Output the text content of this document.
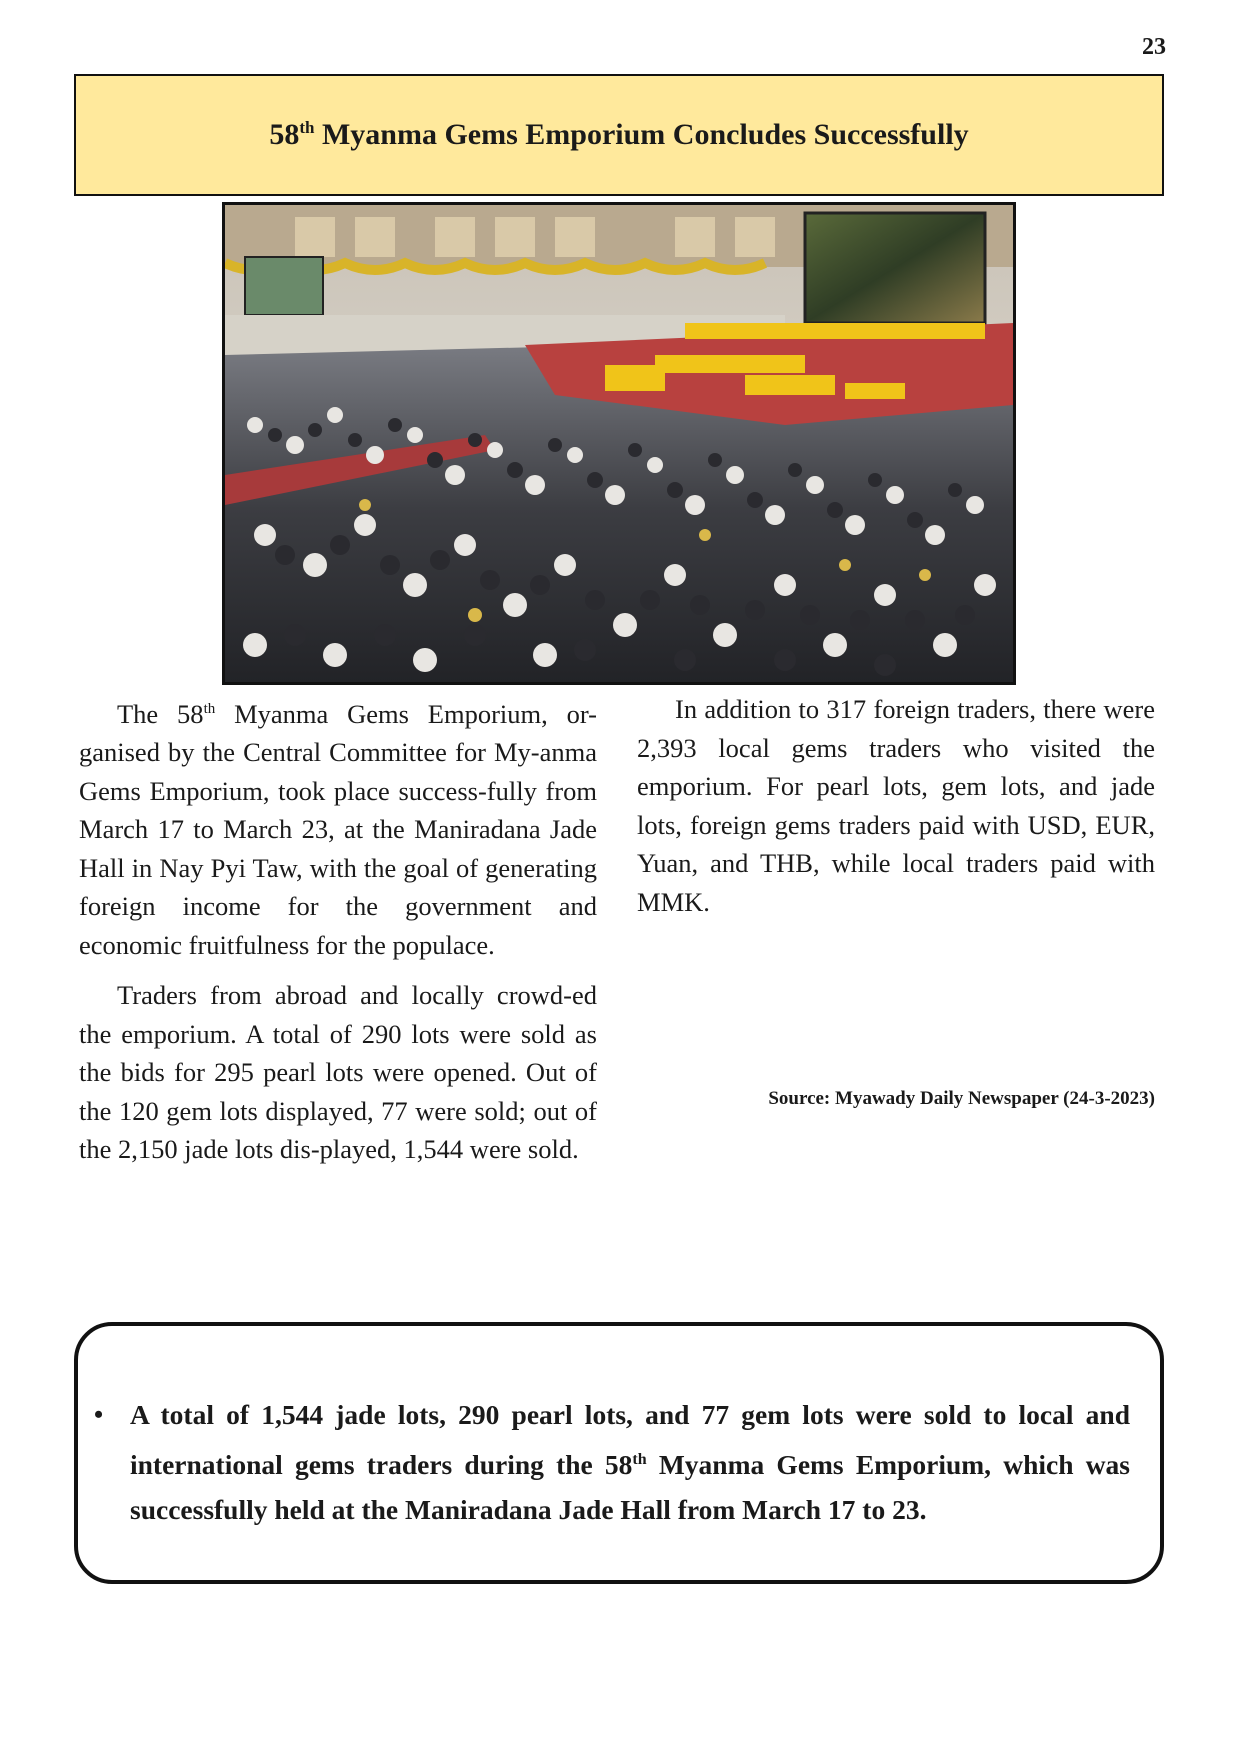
23
58th Myanma Gems Emporium Concludes Successfully

The 58th Myanma Gems Emporium, or-ganised by the Central Committee for My-anma Gems Emporium, took place success-fully from March 17 to March 23, at the Maniradana Jade Hall in Nay Pyi Taw, with the goal of generating foreign income for the government and economic fruitfulness for the populace.

Traders from abroad and locally crowd-ed the emporium. A total of 290 lots were sold as the bids for 295 pearl lots were opened. Out of the 120 gem lots displayed, 77 were sold; out of the 2,150 jade lots dis-played, 1,544 were sold.

In addition to 317 foreign traders, there were 2,393 local gems traders who visited the emporium. For pearl lots, gem lots, and jade lots, foreign gems traders paid with USD, EUR, Yuan, and THB, while local traders paid with MMK.

Source: Myawady Daily Newspaper (24-3-2023)
• A total of 1,544 jade lots, 290 pearl lots, and 77 gem lots were sold to local and international gems traders during the 58th Myanma Gems Emporium, which was successfully held at the Maniradana Jade Hall from March 17 to 23.
